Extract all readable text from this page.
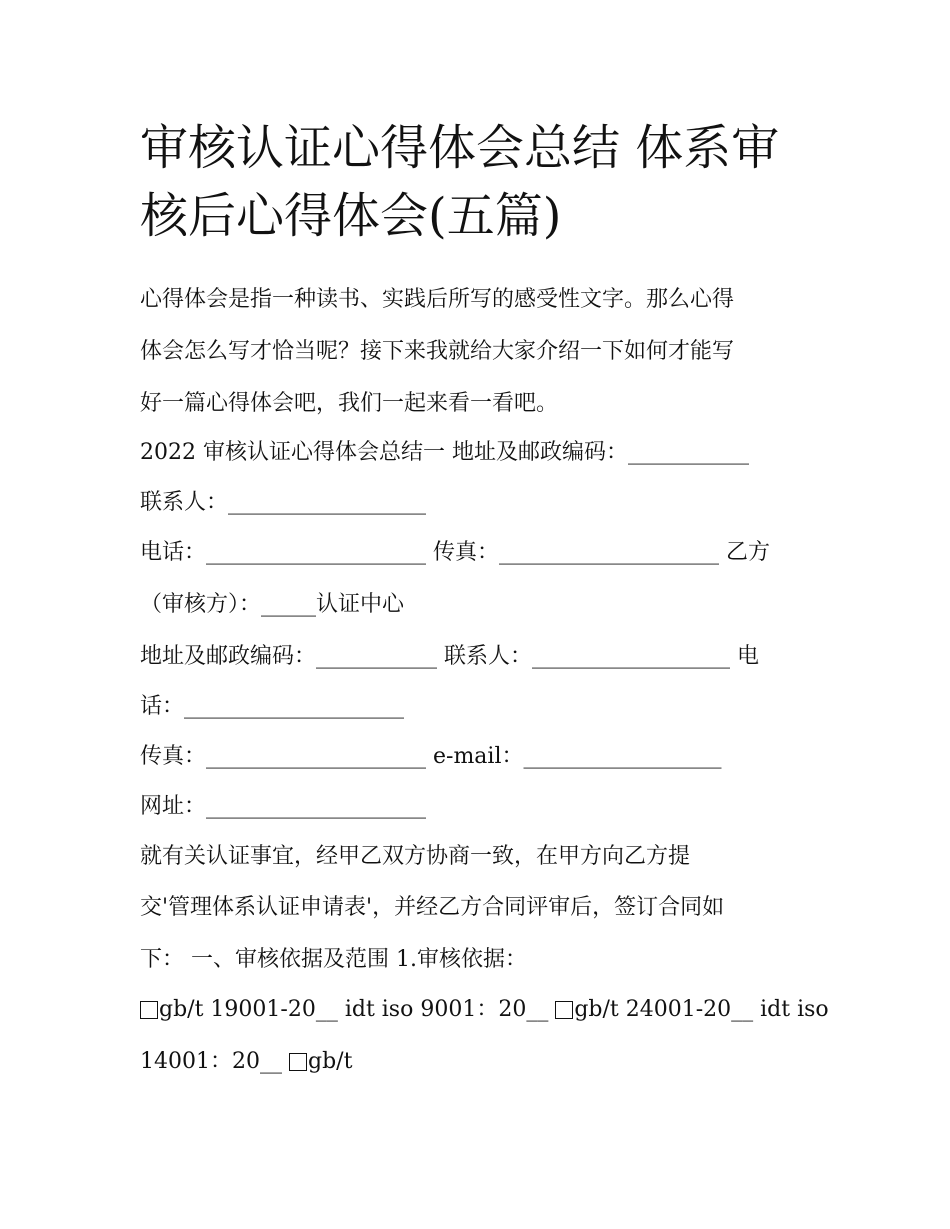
审核认证心得体会总结 体系审核后心得体会(五篇)
心得体会是指一种读书、实践后所写的感受性文字。那么心得
体会怎么写才恰当呢？接下来我就给大家介绍一下如何才能写
好一篇心得体会吧，我们一起来看一看吧。
2022 审核认证心得体会总结一 地址及邮政编码：___________
联系人：__________________
电话：____________________ 传真：____________________ 乙方
（审核方）：_____认证中心
地址及邮政编码：___________ 联系人：__________________ 电
话：____________________
传真：____________________ e-mail：__________________
网址：____________________
就有关认证事宜，经甲乙双方协商一致，在甲方向乙方提
交'管理体系认证申请表'，并经乙方合同评审后，签订合同如
下： 一、审核依据及范围 1.审核依据：
gb/t 19001-20__ idt iso 9001：20__ gb/t 24001-20__ idt iso
14001：20__ gb/t
